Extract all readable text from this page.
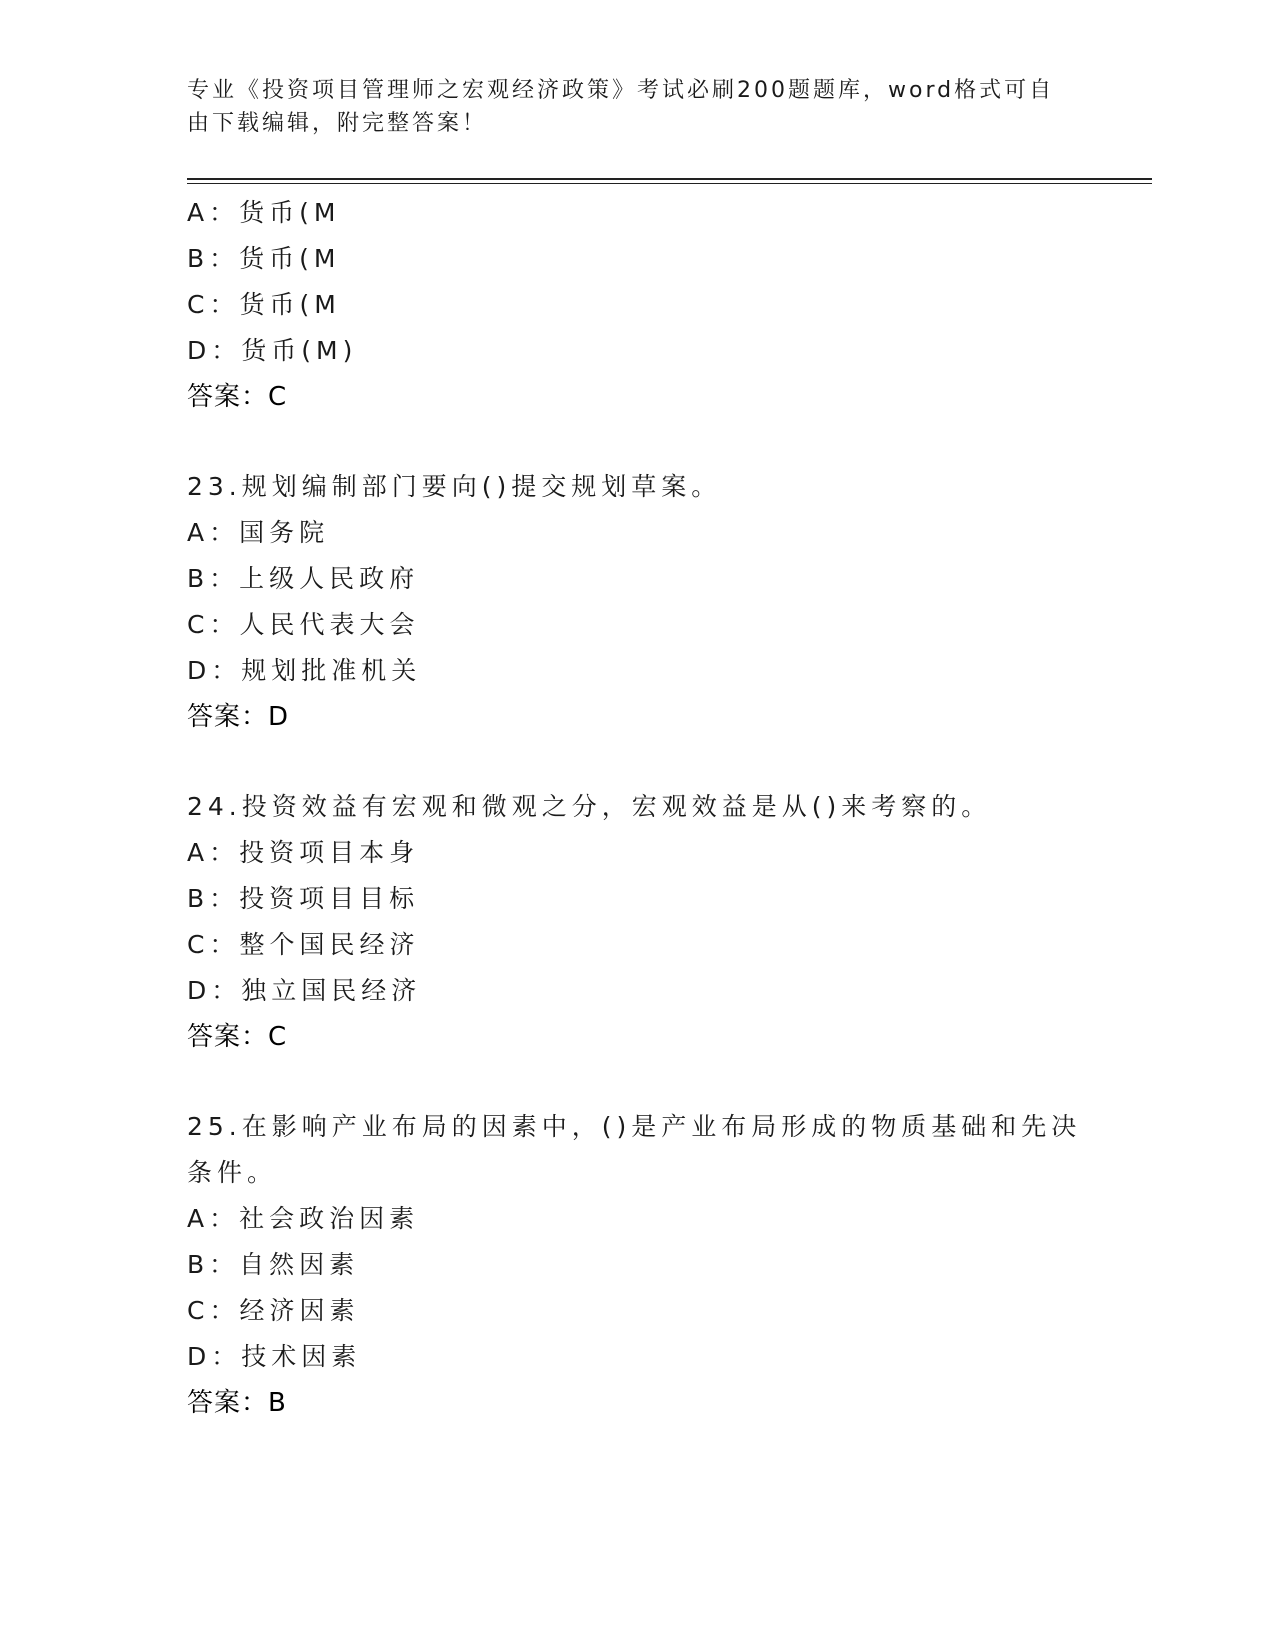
专业《投资项目管理师之宏观经济政策》考试必刷200题题库，word格式可自由下载编辑，附完整答案！
A：货币(M
B：货币(M
C：货币(M
D：货币(M)
答案：C
23.规划编制部门要向()提交规划草案。
A：国务院
B：上级人民政府
C：人民代表大会
D：规划批准机关
答案：D
24.投资效益有宏观和微观之分，宏观效益是从()来考察的。
A：投资项目本身
B：投资项目目标
C：整个国民经济
D：独立国民经济
答案：C
25.在影响产业布局的因素中，()是产业布局形成的物质基础和先决条件。
A：社会政治因素
B：自然因素
C：经济因素
D：技术因素
答案：B
